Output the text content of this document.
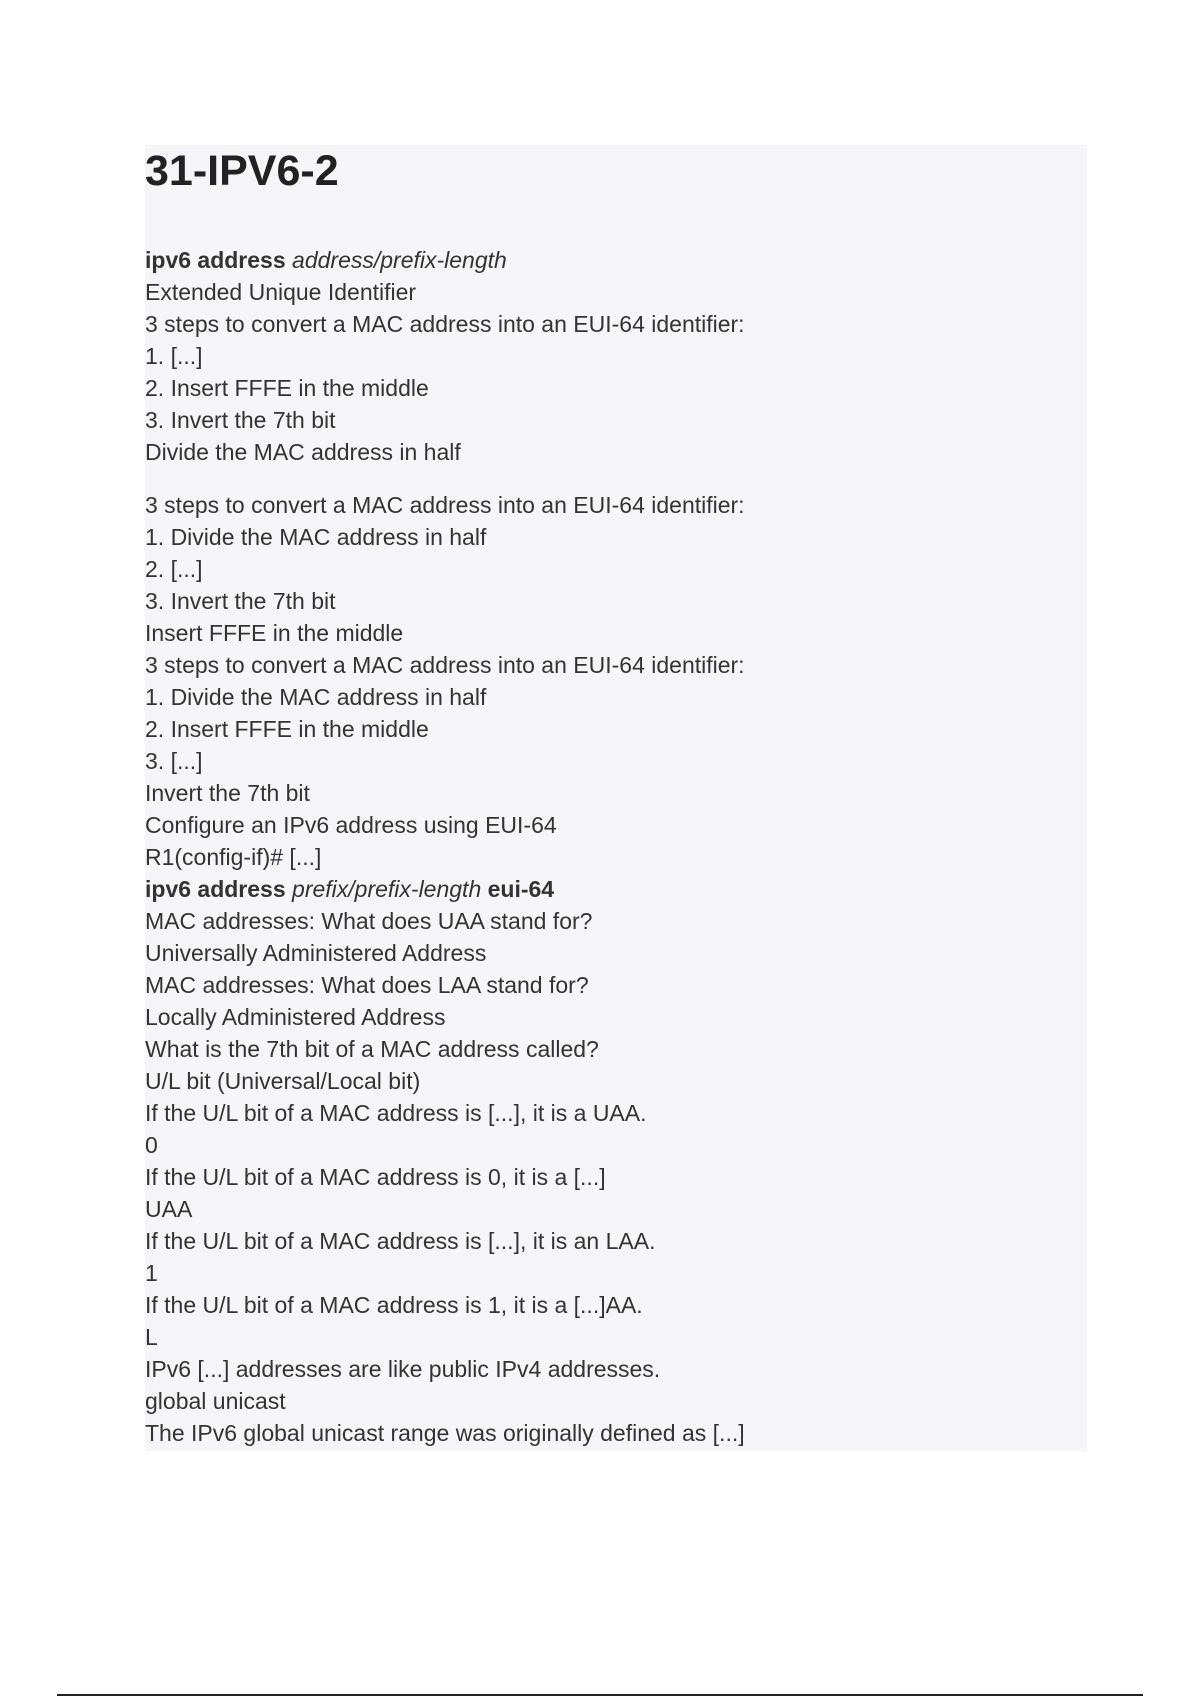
31-IPV6-2
ipv6 address address/prefix-length
Extended Unique Identifier
3 steps to convert a MAC address into an EUI-64 identifier:
1. [...]
2. Insert FFFE in the middle
3. Invert the 7th bit
Divide the MAC address in half
3 steps to convert a MAC address into an EUI-64 identifier:
1. Divide the MAC address in half
2. [...]
3. Invert the 7th bit
Insert FFFE in the middle
3 steps to convert a MAC address into an EUI-64 identifier:
1. Divide the MAC address in half
2. Insert FFFE in the middle
3. [...]
Invert the 7th bit
Configure an IPv6 address using EUI-64
R1(config-if)# [...]
ipv6 address prefix/prefix-length eui-64
MAC addresses: What does UAA stand for?
Universally Administered Address
MAC addresses: What does LAA stand for?
Locally Administered Address
What is the 7th bit of a MAC address called?
U/L bit (Universal/Local bit)
If the U/L bit of a MAC address is [...], it is a UAA.
0
If the U/L bit of a MAC address is 0, it is a [...]
UAA
If the U/L bit of a MAC address is [...], it is an LAA.
1
If the U/L bit of a MAC address is 1, it is a [...]AA.
L
IPv6 [...] addresses are like public IPv4 addresses.
global unicast
The IPv6 global unicast range was originally defined as [...]
